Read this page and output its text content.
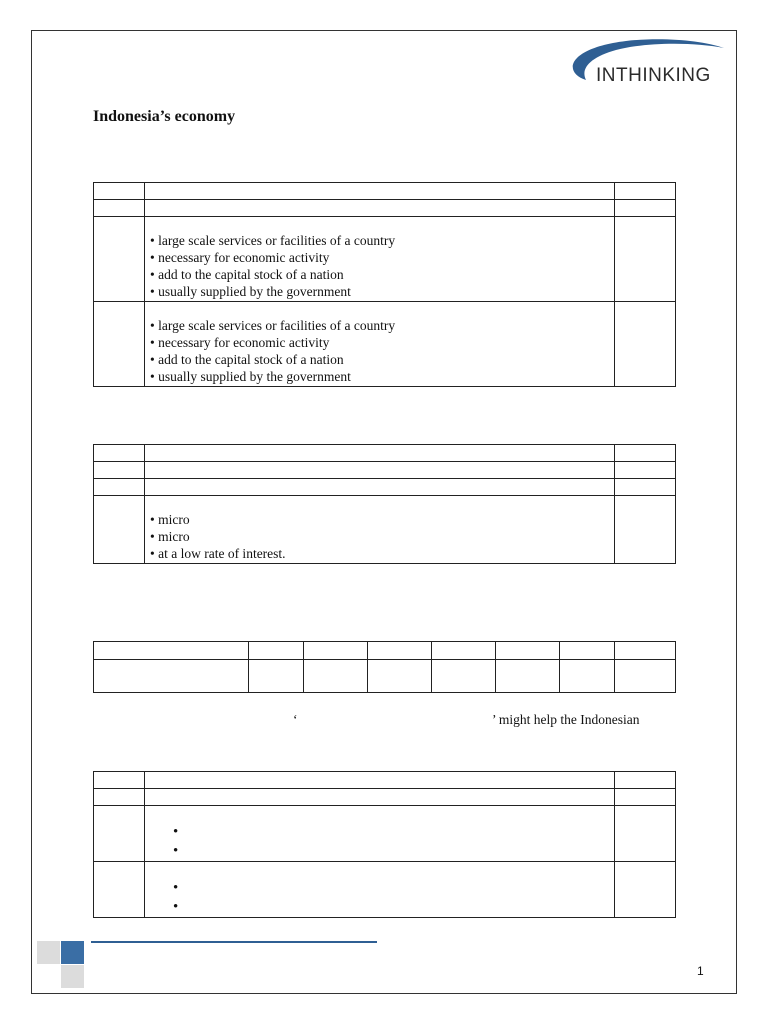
INTHINKING
Indonesia’s economy

	• large scale services or facilities of a country
• necessary for economic activity
• add to the capital stock of a nation
• usually supplied by the government	

	• large scale services or facilities of a country
• necessary for economic activity
• add to the capital stock of a nation
• usually supplied by the government	

	• micro
• micro
• at a low rate of interest.	

‘	’ might help the Indonesian

	•
•	

	•
•	

1
